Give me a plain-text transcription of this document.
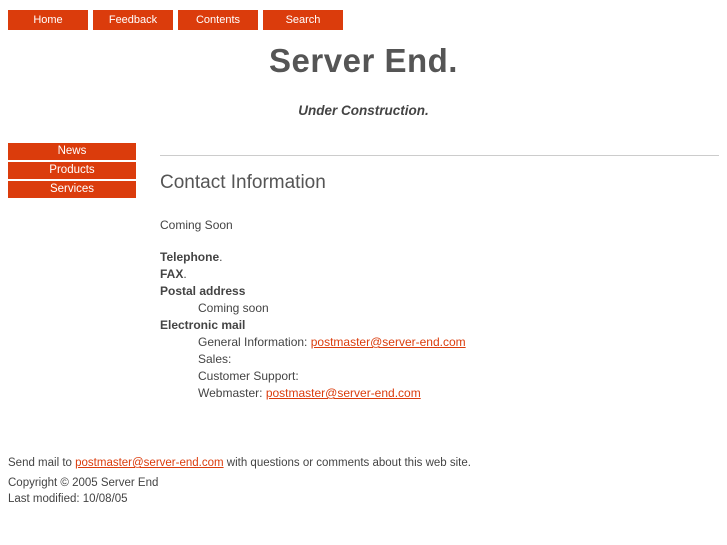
Home	Feedback	Contents	Search
Server End.
Under Construction.
News
Products
Services	Contact Information

Coming Soon

Telephone.
FAX.
Postal address
Coming soon
Electronic mail
General Information: postmaster@server-end.com
Sales:
Customer Support:
Webmaster: postmaster@server-end.com
Send mail to postmaster@server-end.com with questions or comments about this web site.
Copyright © 2005 Server End
Last modified: 10/08/05
